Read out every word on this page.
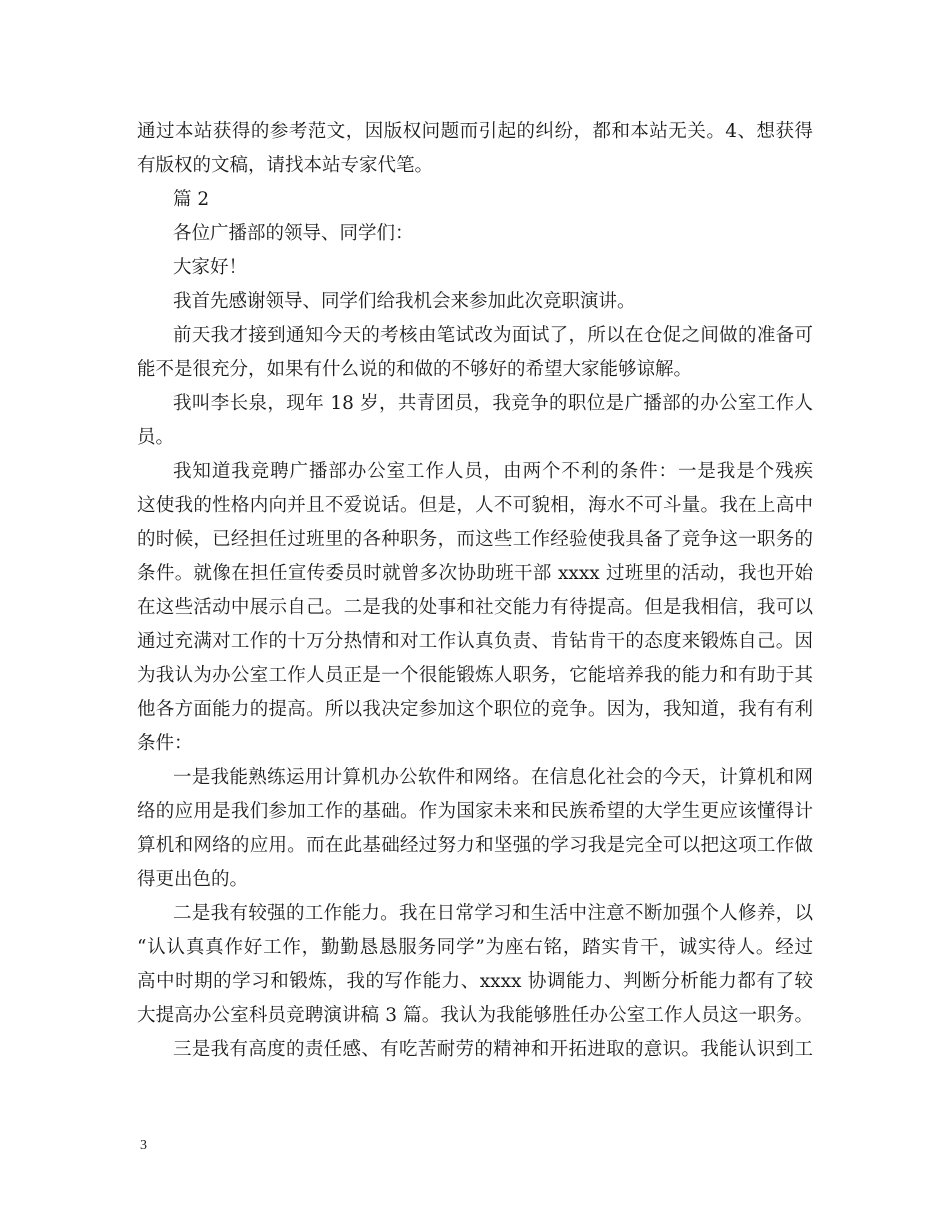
通过本站获得的参考范文，因版权问题而引起的纠纷，都和本站无关。4、想获得
有版权的文稿，请找本站专家代笔。
篇 2
各位广播部的领导、同学们：
大家好！
我首先感谢领导、同学们给我机会来参加此次竞职演讲。
前天我才接到通知今天的考核由笔试改为面试了，所以在仓促之间做的准备可
能不是很充分，如果有什么说的和做的不够好的希望大家能够谅解。
我叫李长泉，现年 18 岁，共青团员，我竞争的职位是广播部的办公室工作人
员。
我知道我竞聘广播部办公室工作人员，由两个不利的条件：一是我是个残疾
这使我的性格内向并且不爱说话。但是，人不可貌相，海水不可斗量。我在上高中
的时候，已经担任过班里的各种职务，而这些工作经验使我具备了竞争这一职务的
条件。就像在担任宣传委员时就曾多次协助班干部 xxxx 过班里的活动，我也开始
在这些活动中展示自己。二是我的处事和社交能力有待提高。但是我相信，我可以
通过充满对工作的十万分热情和对工作认真负责、肯钻肯干的态度来锻炼自己。因
为我认为办公室工作人员正是一个很能锻炼人职务，它能培养我的能力和有助于其
他各方面能力的提高。所以我决定参加这个职位的竞争。因为，我知道，我有有利
条件：
一是我能熟练运用计算机办公软件和网络。在信息化社会的今天，计算机和网
络的应用是我们参加工作的基础。作为国家未来和民族希望的大学生更应该懂得计
算机和网络的应用。而在此基础经过努力和坚强的学习我是完全可以把这项工作做
得更出色的。
二是我有较强的工作能力。我在日常学习和生活中注意不断加强个人修养，以
“认认真真作好工作，勤勤恳恳服务同学”为座右铭，踏实肯干，诚实待人。经过
高中时期的学习和锻炼，我的写作能力、xxxx 协调能力、判断分析能力都有了较
大提高办公室科员竞聘演讲稿 3 篇。我认为我能够胜任办公室工作人员这一职务。
三是我有高度的责任感、有吃苦耐劳的精神和开拓进取的意识。我能认识到工
3
